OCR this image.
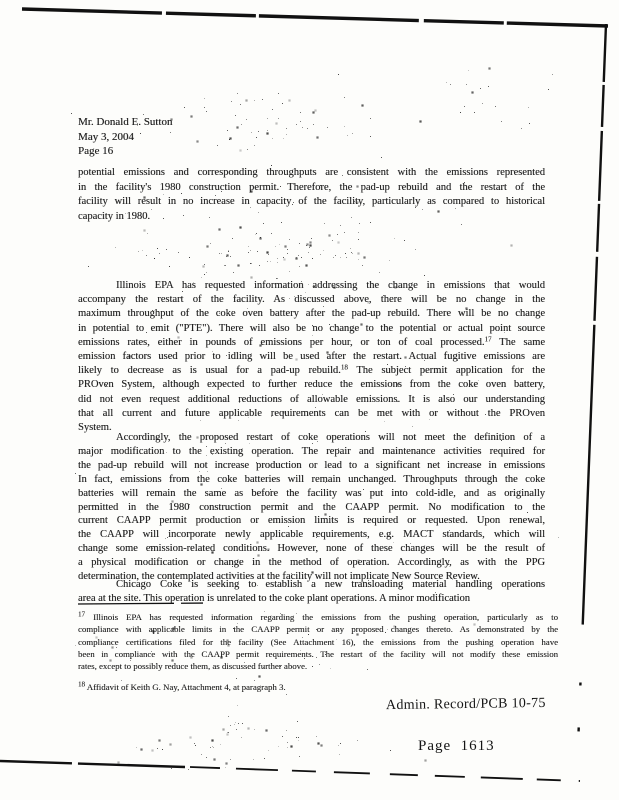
Mr. Donald E. Sutton
May 3, 2004
Page 16
potential emissions and corresponding throughputs are consistent with the emissions represented
in the facility's 1980 construction permit. Therefore, the pad-up rebuild and the restart of the
facility will result in no increase in capacity of the facility, particularly as compared to historical
capacity in 1980.
Illinois EPA has requested information addressing the change in emissions that would
accompany the restart of the facility. As discussed above, there will be no change in the
maximum throughput of the coke oven battery after the pad-up rebuild. There will be no change
in potential to emit ("PTE"). There will also be no change to the potential or actual point source
emissions rates, either in pounds of emissions per hour, or ton of coal processed.$^{17}$ The same
emission factors used prior to idling will be used after the restart. Actual fugitive emissions are
likely to decrease as is usual for a pad-up rebuild.$^{18}$ The subject permit application for the
PROven System, although expected to further reduce the emissions from the coke oven battery,
did not even request additional reductions of allowable emissions. It is also our understanding
that all current and future applicable requirements can be met with or without the PROven
System.
Accordingly, the proposed restart of coke operations will not meet the definition of a
major modification to the existing operation. The repair and maintenance activities required for
the pad-up rebuild will not increase production or lead to a significant net increase in emissions
In fact, emissions from the coke batteries will remain unchanged. Throughputs through the coke
batteries will remain the same as before the facility was put into cold-idle, and as originally
permitted in the 1980 construction permit and the CAAPP permit. No modification to the
current CAAPP permit production or emission limits is required or requested. Upon renewal,
the CAAPP will incorporate newly applicable requirements, e.g. MACT standards, which will
change some emission-related conditions. However, none of these changes will be the result of
a physical modification or change in the method of operation. Accordingly, as with the PPG
determination, the contemplated activities at the facility will not implicate New Source Review.
Chicago Coke is seeking to establish a new transloading material handling operations
area at the site. This operation is unrelated to the coke plant operations. A minor modification
$^{17}$ Illinois EPA has requested information regarding the emissions from the pushing operation, particularly as to
compliance with applicable limits in the CAAPP permit or any proposed changes thereto. As demonstrated by the
compliance certifications filed for the facility (See Attachment 16), the emissions from the pushing operation have
been in compliance with the CAAPP permit requirements. The restart of the facility will not modify these emission
rates, except to possibly reduce them, as discussed further above.
$^{18}$ Affidavit of Keith G. Nay, Attachment 4, at paragraph 3.
Admin. Record/PCB 10-75
Page  1613
